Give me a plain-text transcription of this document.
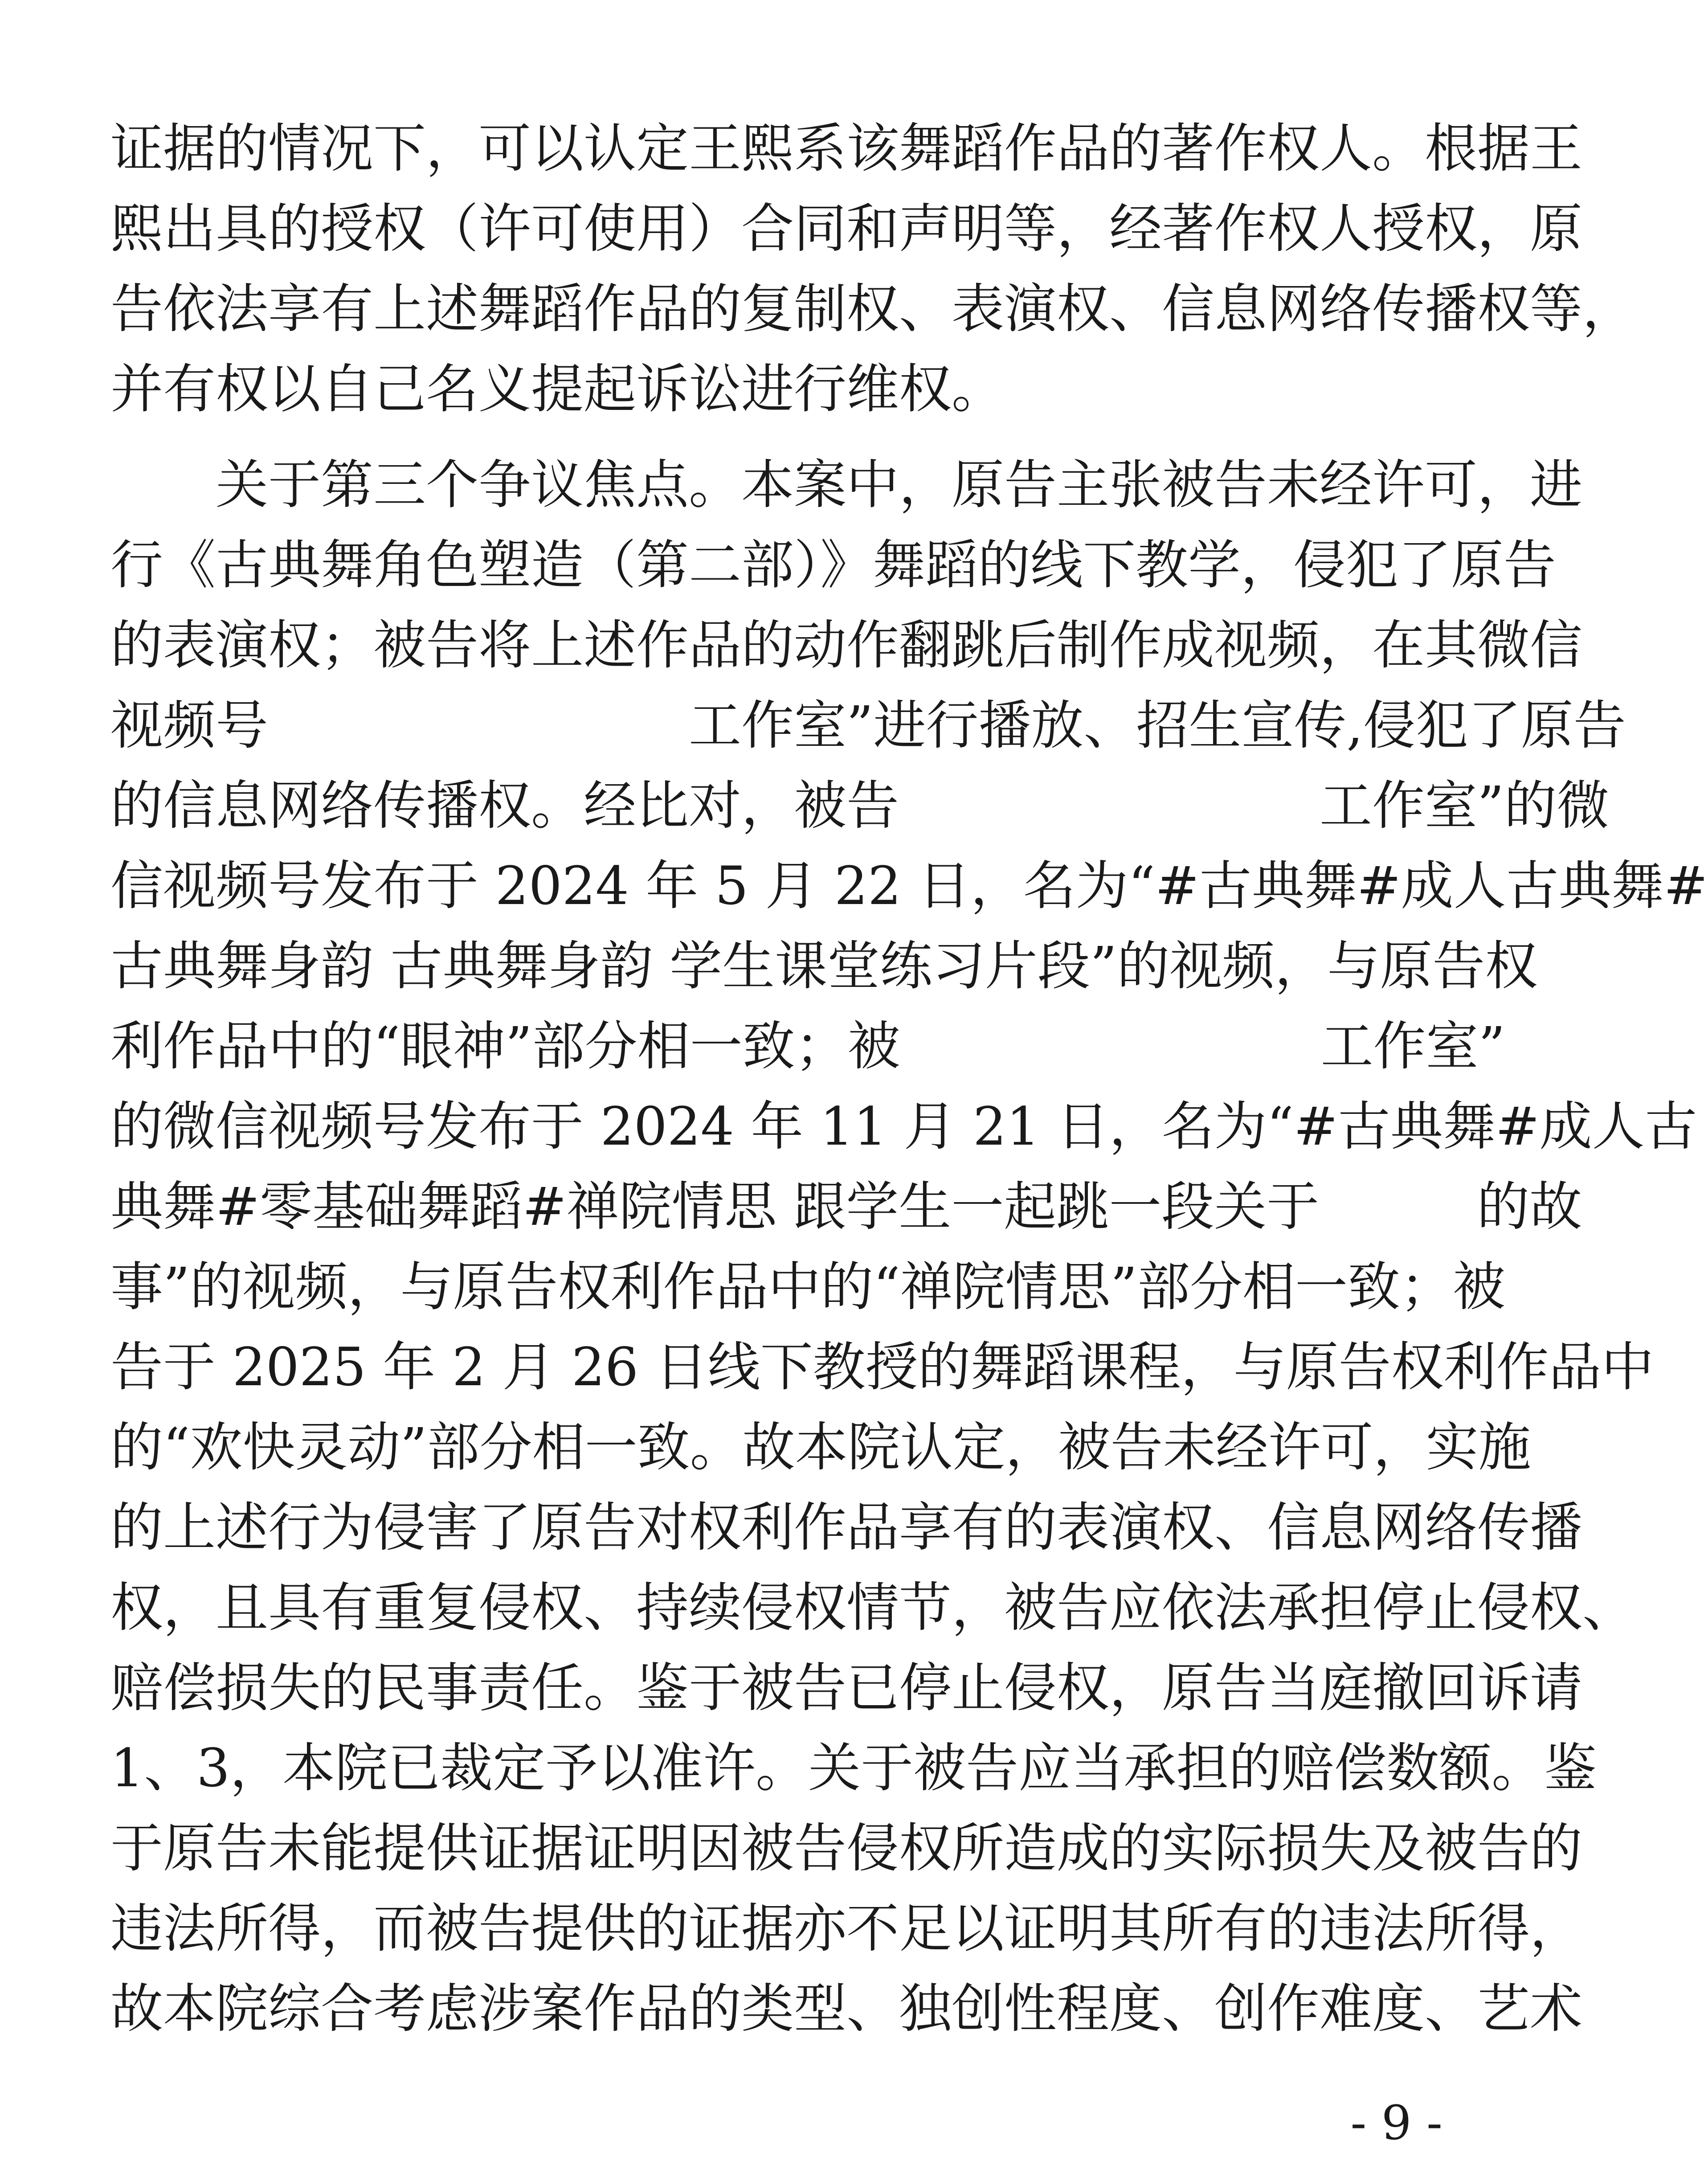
证据的情况下，可以认定王熙系该舞蹈作品的著作权人。根据王
熙出具的授权（许可使用）合同和声明等，经著作权人授权，原
告依法享有上述舞蹈作品的复制权、表演权、信息网络传播权等，
并有权以自己名义提起诉讼进行维权。
　　关于第三个争议焦点。本案中，原告主张被告未经许可，进
行《古典舞角色塑造（第二部）》舞蹈的线下教学，侵犯了原告
的表演权；被告将上述作品的动作翻跳后制作成视频，在其微信
视频号　　　　　　　　工作室”进行播放、招生宣传,侵犯了原告
的信息网络传播权。经比对，被告　　　　　　　　工作室”的微
信视频号发布于 2024 年 5 月 22 日，名为“#古典舞#成人古典舞#
古典舞身韵 古典舞身韵 学生课堂练习片段”的视频，与原告权
利作品中的“眼神”部分相一致；被　　　　　　　　工作室”
的微信视频号发布于 2024 年 11 月 21 日，名为“#古典舞#成人古
典舞#零基础舞蹈#禅院情思 跟学生一起跳一段关于　　　的故
事”的视频，与原告权利作品中的“禅院情思”部分相一致；被
告于 2025 年 2 月 26 日线下教授的舞蹈课程，与原告权利作品中
的“欢快灵动”部分相一致。故本院认定，被告未经许可，实施
的上述行为侵害了原告对权利作品享有的表演权、信息网络传播
权，且具有重复侵权、持续侵权情节，被告应依法承担停止侵权、
赔偿损失的民事责任。鉴于被告已停止侵权，原告当庭撤回诉请
1、3，本院已裁定予以准许。关于被告应当承担的赔偿数额。鉴
于原告未能提供证据证明因被告侵权所造成的实际损失及被告的
违法所得，而被告提供的证据亦不足以证明其所有的违法所得，
故本院综合考虑涉案作品的类型、独创性程度、创作难度、艺术
- 9 -
